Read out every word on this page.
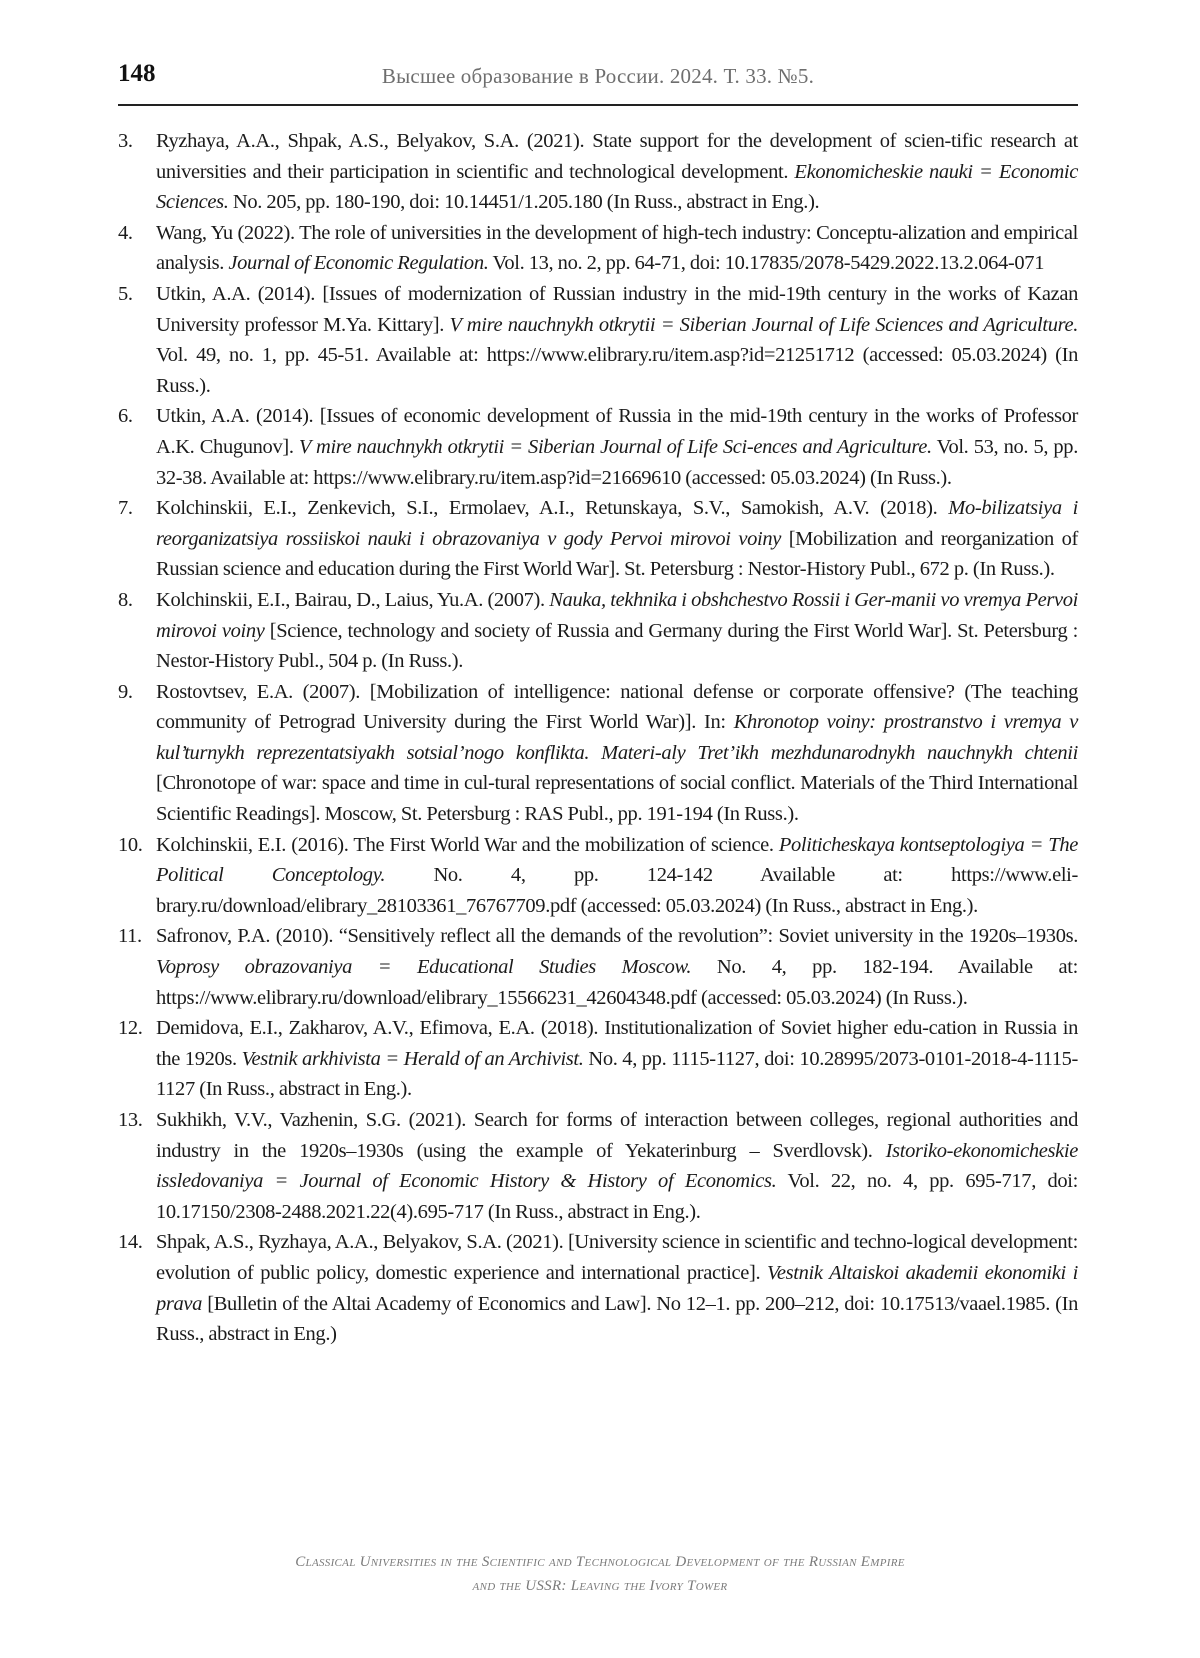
148	Высшее образование в России. 2024. Т. 33. №5.
3. Ryzhaya, A.A., Shpak, A.S., Belyakov, S.A. (2021). State support for the development of scien-tific research at universities and their participation in scientific and technological development. Ekonomicheskie nauki = Economic Sciences. No. 205, pp. 180-190, doi: 10.14451/1.205.180 (In Russ., abstract in Eng.).
4. Wang, Yu (2022). The role of universities in the development of high-tech industry: Conceptu-alization and empirical analysis. Journal of Economic Regulation. Vol. 13, no. 2, pp. 64-71, doi: 10.17835/2078-5429.2022.13.2.064-071
5. Utkin, A.A. (2014). [Issues of modernization of Russian industry in the mid-19th century in the works of Kazan University professor M.Ya. Kittary]. V mire nauchnykh otkrytii = Siberian Journal of Life Sciences and Agriculture. Vol. 49, no. 1, pp. 45-51. Available at: https://www.elibrary.ru/item.asp?id=21251712 (accessed: 05.03.2024) (In Russ.).
6. Utkin, A.A. (2014). [Issues of economic development of Russia in the mid-19th century in the works of Professor A.K. Chugunov]. V mire nauchnykh otkrytii = Siberian Journal of Life Sci-ences and Agriculture. Vol. 53, no. 5, pp. 32-38. Available at: https://www.elibrary.ru/item.asp?id=21669610 (accessed: 05.03.2024) (In Russ.).
7. Kolchinskii, E.I., Zenkevich, S.I., Ermolaev, A.I., Retunskaya, S.V., Samokish, A.V. (2018). Mo-bilizatsiya i reorganizatsiya rossiiskoi nauki i obrazovaniya v gody Pervoi mirovoi voiny [Mobilization and reorganization of Russian science and education during the First World War]. St. Petersburg : Nestor-History Publ., 672 p. (In Russ.).
8. Kolchinskii, E.I., Bairau, D., Laius, Yu.A. (2007). Nauka, tekhnika i obshchestvo Rossii i Ger-manii vo vremya Pervoi mirovoi voiny [Science, technology and society of Russia and Germany during the First World War]. St. Petersburg : Nestor-History Publ., 504 p. (In Russ.).
9. Rostovtsev, E.A. (2007). [Mobilization of intelligence: national defense or corporate offensive? (The teaching community of Petrograd University during the First World War)]. In: Khronotop voiny: prostranstvo i vremya v kul’turnykh reprezentatsiyakh sotsial’nogo konflikta. Materi-aly Tret’ikh mezhdunarodnykh nauchnykh chtenii [Chronotope of war: space and time in cul-tural representations of social conflict. Materials of the Third International Scientific Readings]. Moscow, St. Petersburg : RAS Publ., pp. 191-194 (In Russ.).
10. Kolchinskii, E.I. (2016). The First World War and the mobilization of science. Politicheskaya kontseptologiya = The Political Conceptology. No. 4, pp. 124-142 Available at: https://www.eli-brary.ru/download/elibrary_28103361_76767709.pdf (accessed: 05.03.2024) (In Russ., abstract in Eng.).
11. Safronov, P.A. (2010). “Sensitively reflect all the demands of the revolution”: Soviet university in the 1920s–1930s. Voprosy obrazovaniya = Educational Studies Moscow. No. 4, pp. 182-194. Available at: https://www.elibrary.ru/download/elibrary_15566231_42604348.pdf (accessed: 05.03.2024) (In Russ.).
12. Demidova, E.I., Zakharov, A.V., Efimova, E.A. (2018). Institutionalization of Soviet higher edu-cation in Russia in the 1920s. Vestnik arkhivista = Herald of an Archivist. No. 4, pp. 1115-1127, doi: 10.28995/2073-0101-2018-4-1115-1127 (In Russ., abstract in Eng.).
13. Sukhikh, V.V., Vazhenin, S.G. (2021). Search for forms of interaction between colleges, regional authorities and industry in the 1920s–1930s (using the example of Yekaterinburg – Sverdlovsk). Istoriko-ekonomicheskie issledovaniya = Journal of Economic History & History of Economics. Vol. 22, no. 4, pp. 695-717, doi: 10.17150/2308-2488.2021.22(4).695-717 (In Russ., abstract in Eng.).
14. Shpak, A.S., Ryzhaya, A.A., Belyakov, S.A. (2021). [University science in scientific and techno-logical development: evolution of public policy, domestic experience and international practice]. Vestnik Altaiskoi akademii ekonomiki i prava [Bulletin of the Altai Academy of Economics and Law]. No 12–1. pp. 200–212, doi: 10.17513/vaael.1985. (In Russ., abstract in Eng.)
Classical Universities in the Scientific and Technological Development of the Russian Empire
and the USSR: Leaving the Ivory Tower
